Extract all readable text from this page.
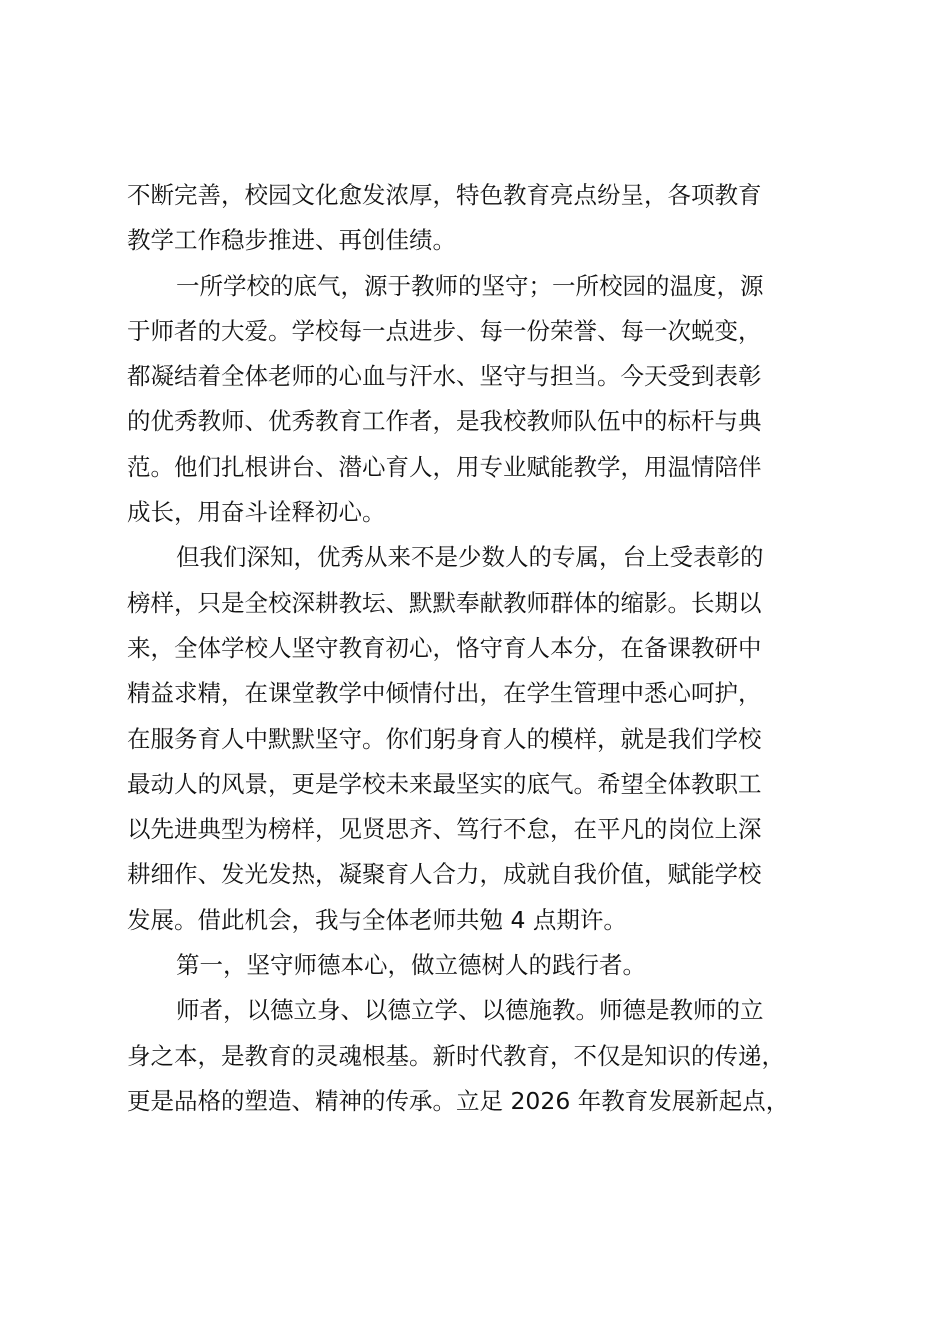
不断完善，校园文化愈发浓厚，特色教育亮点纷呈，各项教育
教学工作稳步推进、再创佳绩。
一所学校的底气，源于教师的坚守；一所校园的温度，源
于师者的大爱。学校每一点进步、每一份荣誉、每一次蜕变，
都凝结着全体老师的心血与汗水、坚守与担当。今天受到表彰
的优秀教师、优秀教育工作者，是我校教师队伍中的标杆与典
范。他们扎根讲台、潜心育人，用专业赋能教学，用温情陪伴
成长，用奋斗诠释初心。
但我们深知，优秀从来不是少数人的专属，台上受表彰的
榜样，只是全校深耕教坛、默默奉献教师群体的缩影。长期以
来，全体学校人坚守教育初心，恪守育人本分，在备课教研中
精益求精，在课堂教学中倾情付出，在学生管理中悉心呵护，
在服务育人中默默坚守。你们躬身育人的模样，就是我们学校
最动人的风景，更是学校未来最坚实的底气。希望全体教职工
以先进典型为榜样，见贤思齐、笃行不怠，在平凡的岗位上深
耕细作、发光发热，凝聚育人合力，成就自我价值，赋能学校
发展。借此机会，我与全体老师共勉 4 点期许。
第一，坚守师德本心，做立德树人的践行者。
师者，以德立身、以德立学、以德施教。师德是教师的立
身之本，是教育的灵魂根基。新时代教育，不仅是知识的传递，
更是品格的塑造、精神的传承。立足 2026 年教育发展新起点，
